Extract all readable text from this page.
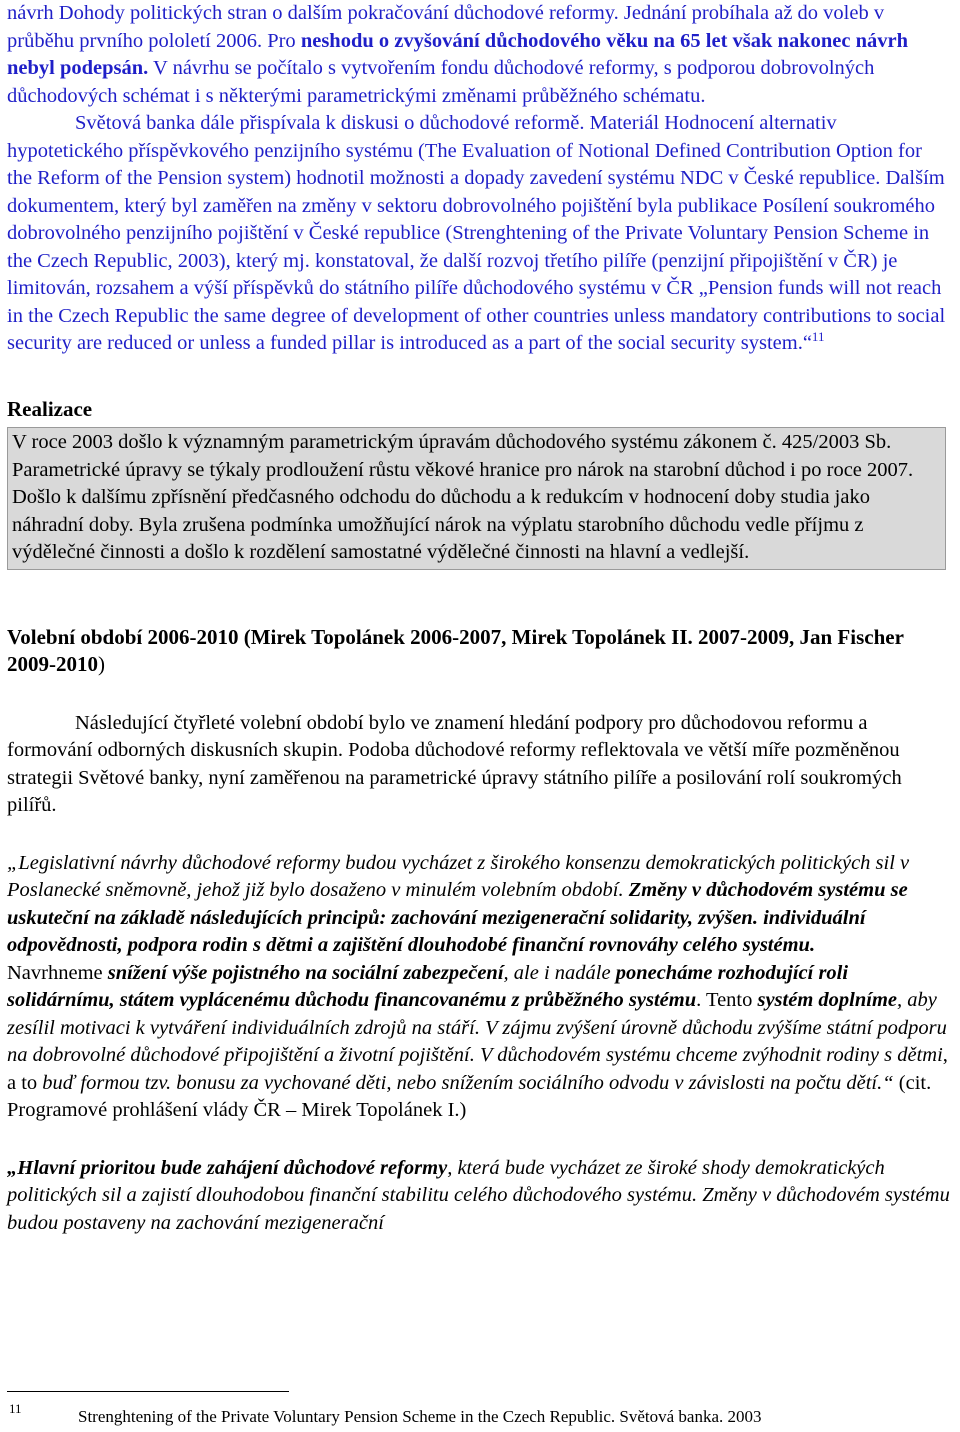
návrh Dohody politických stran o dalším pokračování důchodové reformy. Jednání probíhala až do voleb v průběhu prvního pololetí 2006. Pro neshodu o zvyšování důchodového věku na 65 let však nakonec návrh nebyl podepsán. V návrhu se počítalo s vytvořením fondu důchodové reformy, s podporou dobrovolných důchodových schémat i s některými parametrickými změnami průběžného schématu.

Světová banka dále přispívala k diskusi o důchodové reformě. Materiál Hodnocení alternativ hypotetického příspěvkového penzijního systému (The Evaluation of Notional Defined Contribution Option for the Reform of the Pension system) hodnotil možnosti a dopady zavedení systému NDC v České republice. Dalším dokumentem, který byl zaměřen na změny v sektoru dobrovolného pojištění byla publikace Posílení soukromého dobrovolného penzijního pojištění v České republice (Strenghtening of the Private Voluntary Pension Scheme in the Czech Republic, 2003), který mj. konstatoval, že další rozvoj třetího pilíře (penzijní připojištění v ČR) je limitován, rozsahem a výší příspěvků do státního pilíře důchodového systému v ČR „Pension funds will not reach in the Czech Republic the same degree of development of other countries unless mandatory contributions to social security are reduced or unless a funded pillar is introduced as a part of the social security system.“$^{11}$

Realizace

V roce 2003 došlo k významným parametrickým úpravám důchodového systému zákonem č. 425/2003 Sb. Parametrické úpravy se týkaly prodloužení růstu věkové hranice pro nárok na starobní důchod i po roce 2007. Došlo k dalšímu zpřísnění předčasného odchodu do důchodu a k redukcím v hodnocení doby studia jako náhradní doby. Byla zrušena podmínka umožňující nárok na výplatu starobního důchodu vedle příjmu z výdělečné činnosti a došlo k rozdělení samostatné výdělečné činnosti na hlavní a vedlejší.

Volební období 2006-2010 (Mirek Topolánek 2006-2007, Mirek Topolánek II. 2007-2009, Jan Fischer 2009-2010)

Následující čtyřleté volební období bylo ve znamení hledání podpory pro důchodovou reformu a formování odborných diskusních skupin. Podoba důchodové reformy reflektovala ve větší míře pozměněnou strategii Světové banky, nyní zaměřenou na parametrické úpravy státního pilíře a posilování rolí soukromých pilířů.

„Legislativní návrhy důchodové reformy budou vycházet z širokého konsenzu demokratických politických sil v Poslanecké sněmovně, jehož již bylo dosaženo v minulém volebním období. Změny v důchodovém systému se uskuteční na základě následujících principů: zachování mezigenerační solidarity, zvýšen. individuální odpovědnosti, podpora rodin s dětmi a zajištění dlouhodobé finanční rovnováhy celého systému.
Navrhneme snížení výše pojistného na sociální zabezpečení, ale i nadále ponecháme rozhodující roli solidárnímu, státem vyplácenému důchodu financovanému z průběžného systému. Tento systém doplníme, aby zesílil motivaci k vytváření individuálních zdrojů na stáří. V zájmu zvýšení úrovně důchodu zvýšíme státní podporu na dobrovolné důchodové připojištění a životní pojištění. V důchodovém systému chceme zvýhodnit rodiny s dětmi, a to buď formou tzv. bonusu za vychované děti, nebo snížením sociálního odvodu v závislosti na počtu dětí.“ (cit. Programové prohlášení vlády ČR – Mirek Topolánek I.)

„Hlavní prioritou bude zahájení důchodové reformy, která bude vycházet ze široké shody demokratických politických sil a zajistí dlouhodobou finanční stabilitu celého důchodového systému. Změny v důchodovém systému budou postaveny na zachování mezigenerační

11	Strenghtening of the Private Voluntary Pension Scheme in the Czech Republic. Světová banka. 2003
